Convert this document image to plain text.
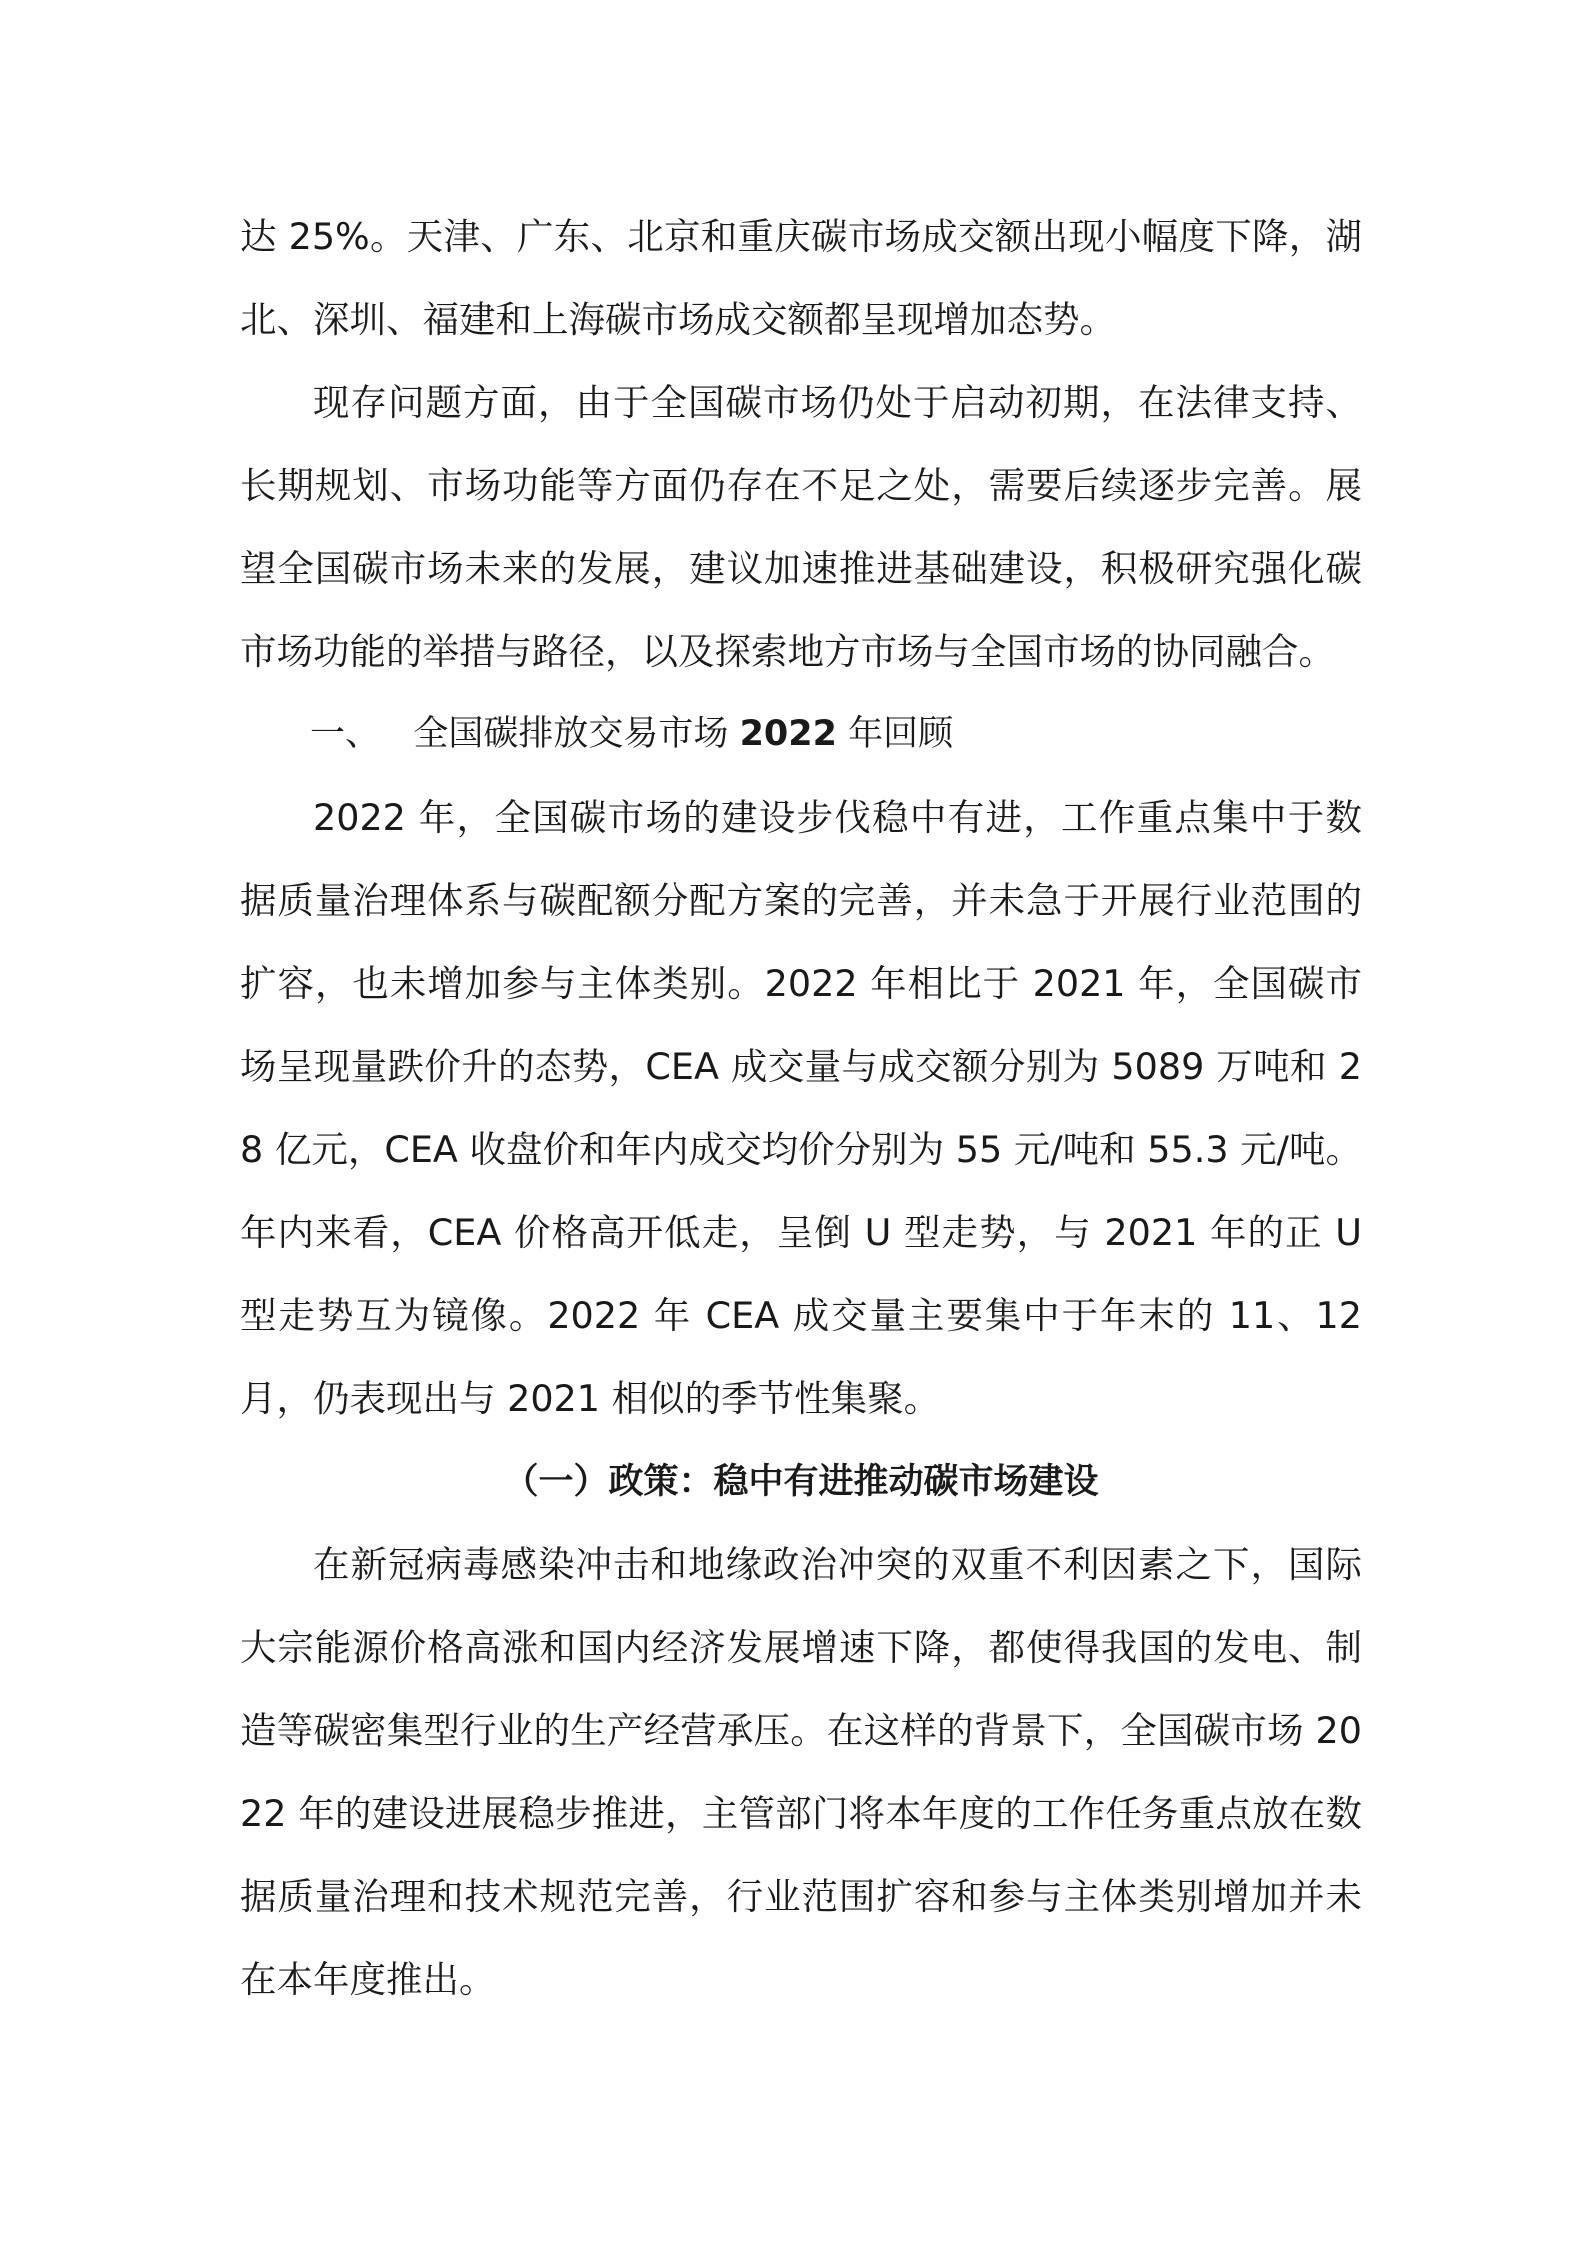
达 25%。天津、广东、北京和重庆碳市场成交额出现小幅度下降，湖北、深圳、福建和上海碳市场成交额都呈现增加态势。

现存问题方面，由于全国碳市场仍处于启动初期，在法律支持、长期规划、市场功能等方面仍存在不足之处，需要后续逐步完善。展望全国碳市场未来的发展，建议加速推进基础建设，积极研究强化碳市场功能的举措与路径，以及探索地方市场与全国市场的协同融合。

一、 全国碳排放交易市场 2022 年回顾

2022 年，全国碳市场的建设步伐稳中有进，工作重点集中于数据质量治理体系与碳配额分配方案的完善，并未急于开展行业范围的扩容，也未增加参与主体类别。2022 年相比于 2021 年，全国碳市场呈现量跌价升的态势，CEA 成交量与成交额分别为 5089 万吨和 28 亿元，CEA 收盘价和年内成交均价分别为 55 元/吨和 55.3 元/吨。年内来看，CEA 价格高开低走，呈倒 U 型走势，与 2021 年的正 U 型走势互为镜像。2022 年 CEA 成交量主要集中于年末的 11、12 月，仍表现出与 2021 相似的季节性集聚。

（一）政策：稳中有进推动碳市场建设

在新冠病毒感染冲击和地缘政治冲突的双重不利因素之下，国际大宗能源价格高涨和国内经济发展增速下降，都使得我国的发电、制造等碳密集型行业的生产经营承压。在这样的背景下，全国碳市场 2022 年的建设进展稳步推进，主管部门将本年度的工作任务重点放在数据质量治理和技术规范完善，行业范围扩容和参与主体类别增加并未在本年度推出。
